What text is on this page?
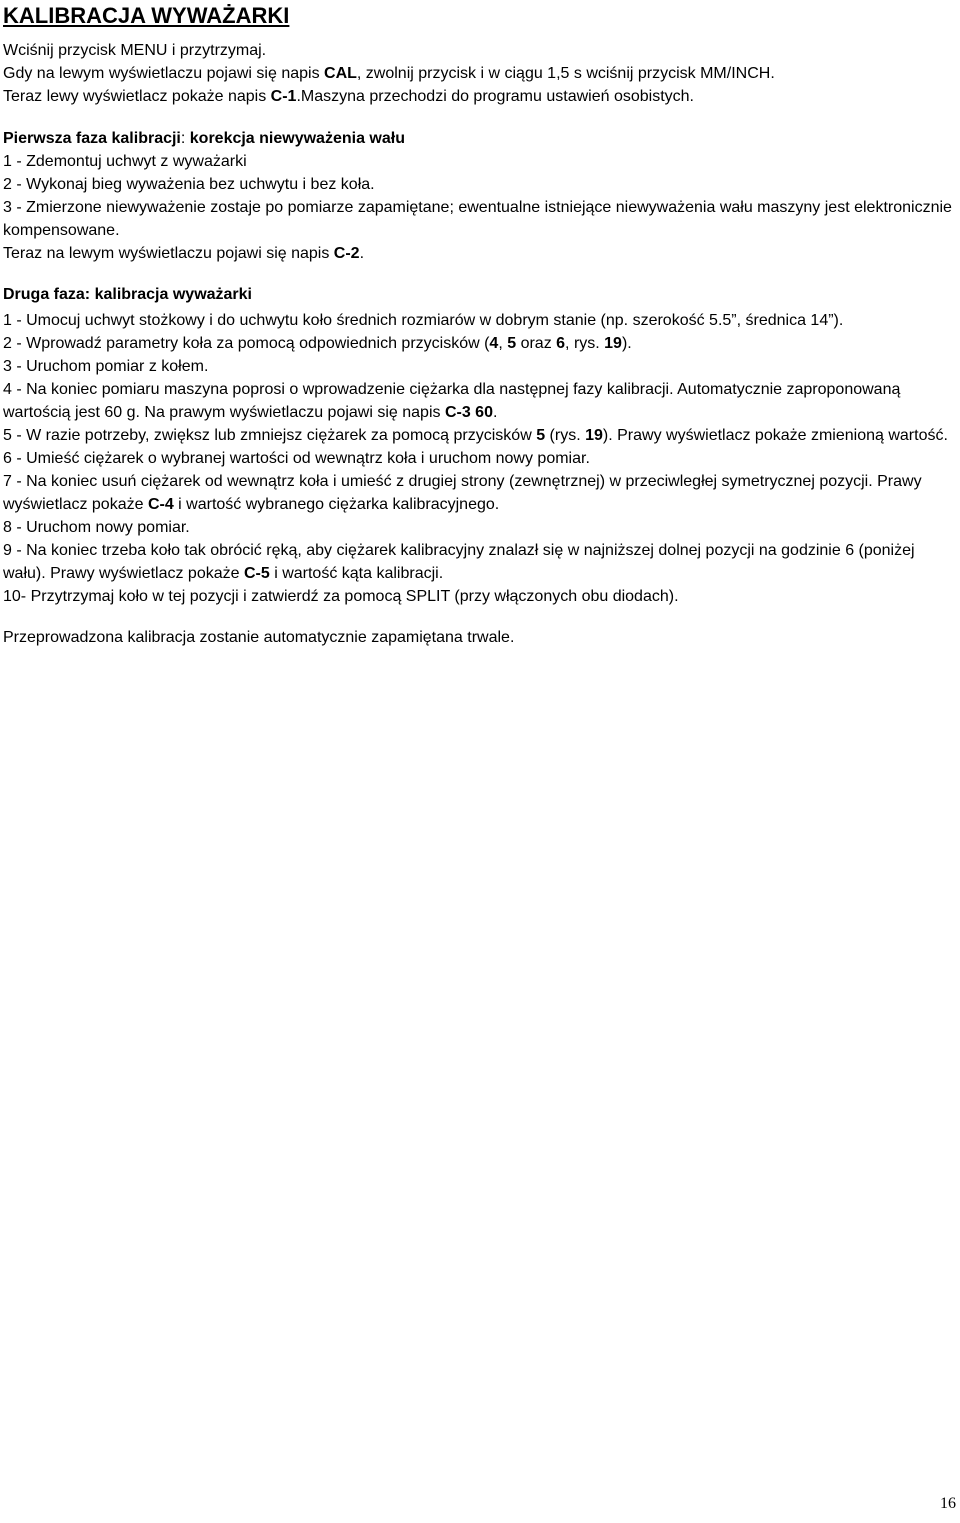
KALIBRACJA WYWAŻARKI

Wciśnij przycisk MENU i przytrzymaj.

Gdy na lewym wyświetlaczu pojawi się napis CAL, zwolnij przycisk i w ciągu 1,5 s wciśnij przycisk MM/INCH.

Teraz lewy wyświetlacz pokaże napis C-1.Maszyna przechodzi do programu ustawień osobistych.

Pierwsza faza kalibracji: korekcja niewyważenia wału

1 - Zdemontuj uchwyt z wyważarki

2 - Wykonaj bieg wyważenia bez uchwytu i bez koła.

3 - Zmierzone niewyważenie zostaje po pomiarze zapamiętane; ewentualne istniejące niewyważenia wału maszyny jest elektronicznie kompensowane.

Teraz na lewym wyświetlaczu pojawi się napis C-2.

Druga faza: kalibracja wyważarki

1 - Umocuj uchwyt stożkowy i do uchwytu koło średnich rozmiarów w dobrym stanie (np. szerokość 5.5”, średnica 14”).

2 - Wprowadź parametry koła za pomocą odpowiednich przycisków (4, 5 oraz 6, rys. 19).

3 - Uruchom pomiar z kołem.

4 - Na koniec pomiaru maszyna poprosi o wprowadzenie ciężarka dla następnej fazy kalibracji. Automatycznie zaproponowaną wartością jest 60 g. Na prawym wyświetlaczu pojawi się napis C-3 60.

5 - W razie potrzeby, zwiększ lub zmniejsz ciężarek za pomocą przycisków 5 (rys. 19). Prawy wyświetlacz pokaże zmienioną wartość.

6 - Umieść ciężarek o wybranej wartości od wewnątrz koła i uruchom nowy pomiar.

7 - Na koniec usuń ciężarek od wewnątrz koła i umieść z drugiej strony (zewnętrznej) w przeciwległej symetrycznej pozycji. Prawy wyświetlacz pokaże C-4 i wartość wybranego ciężarka kalibracyjnego.

8 - Uruchom nowy pomiar.

9 - Na koniec trzeba koło tak obrócić ręką, aby ciężarek kalibracyjny znalazł się w najniższej dolnej pozycji na godzinie 6 (poniżej wału). Prawy wyświetlacz pokaże C-5 i wartość kąta kalibracji.

10- Przytrzymaj koło w tej pozycji i zatwierdź za pomocą SPLIT (przy włączonych obu diodach).

Przeprowadzona kalibracja zostanie automatycznie zapamiętana trwale.

16
